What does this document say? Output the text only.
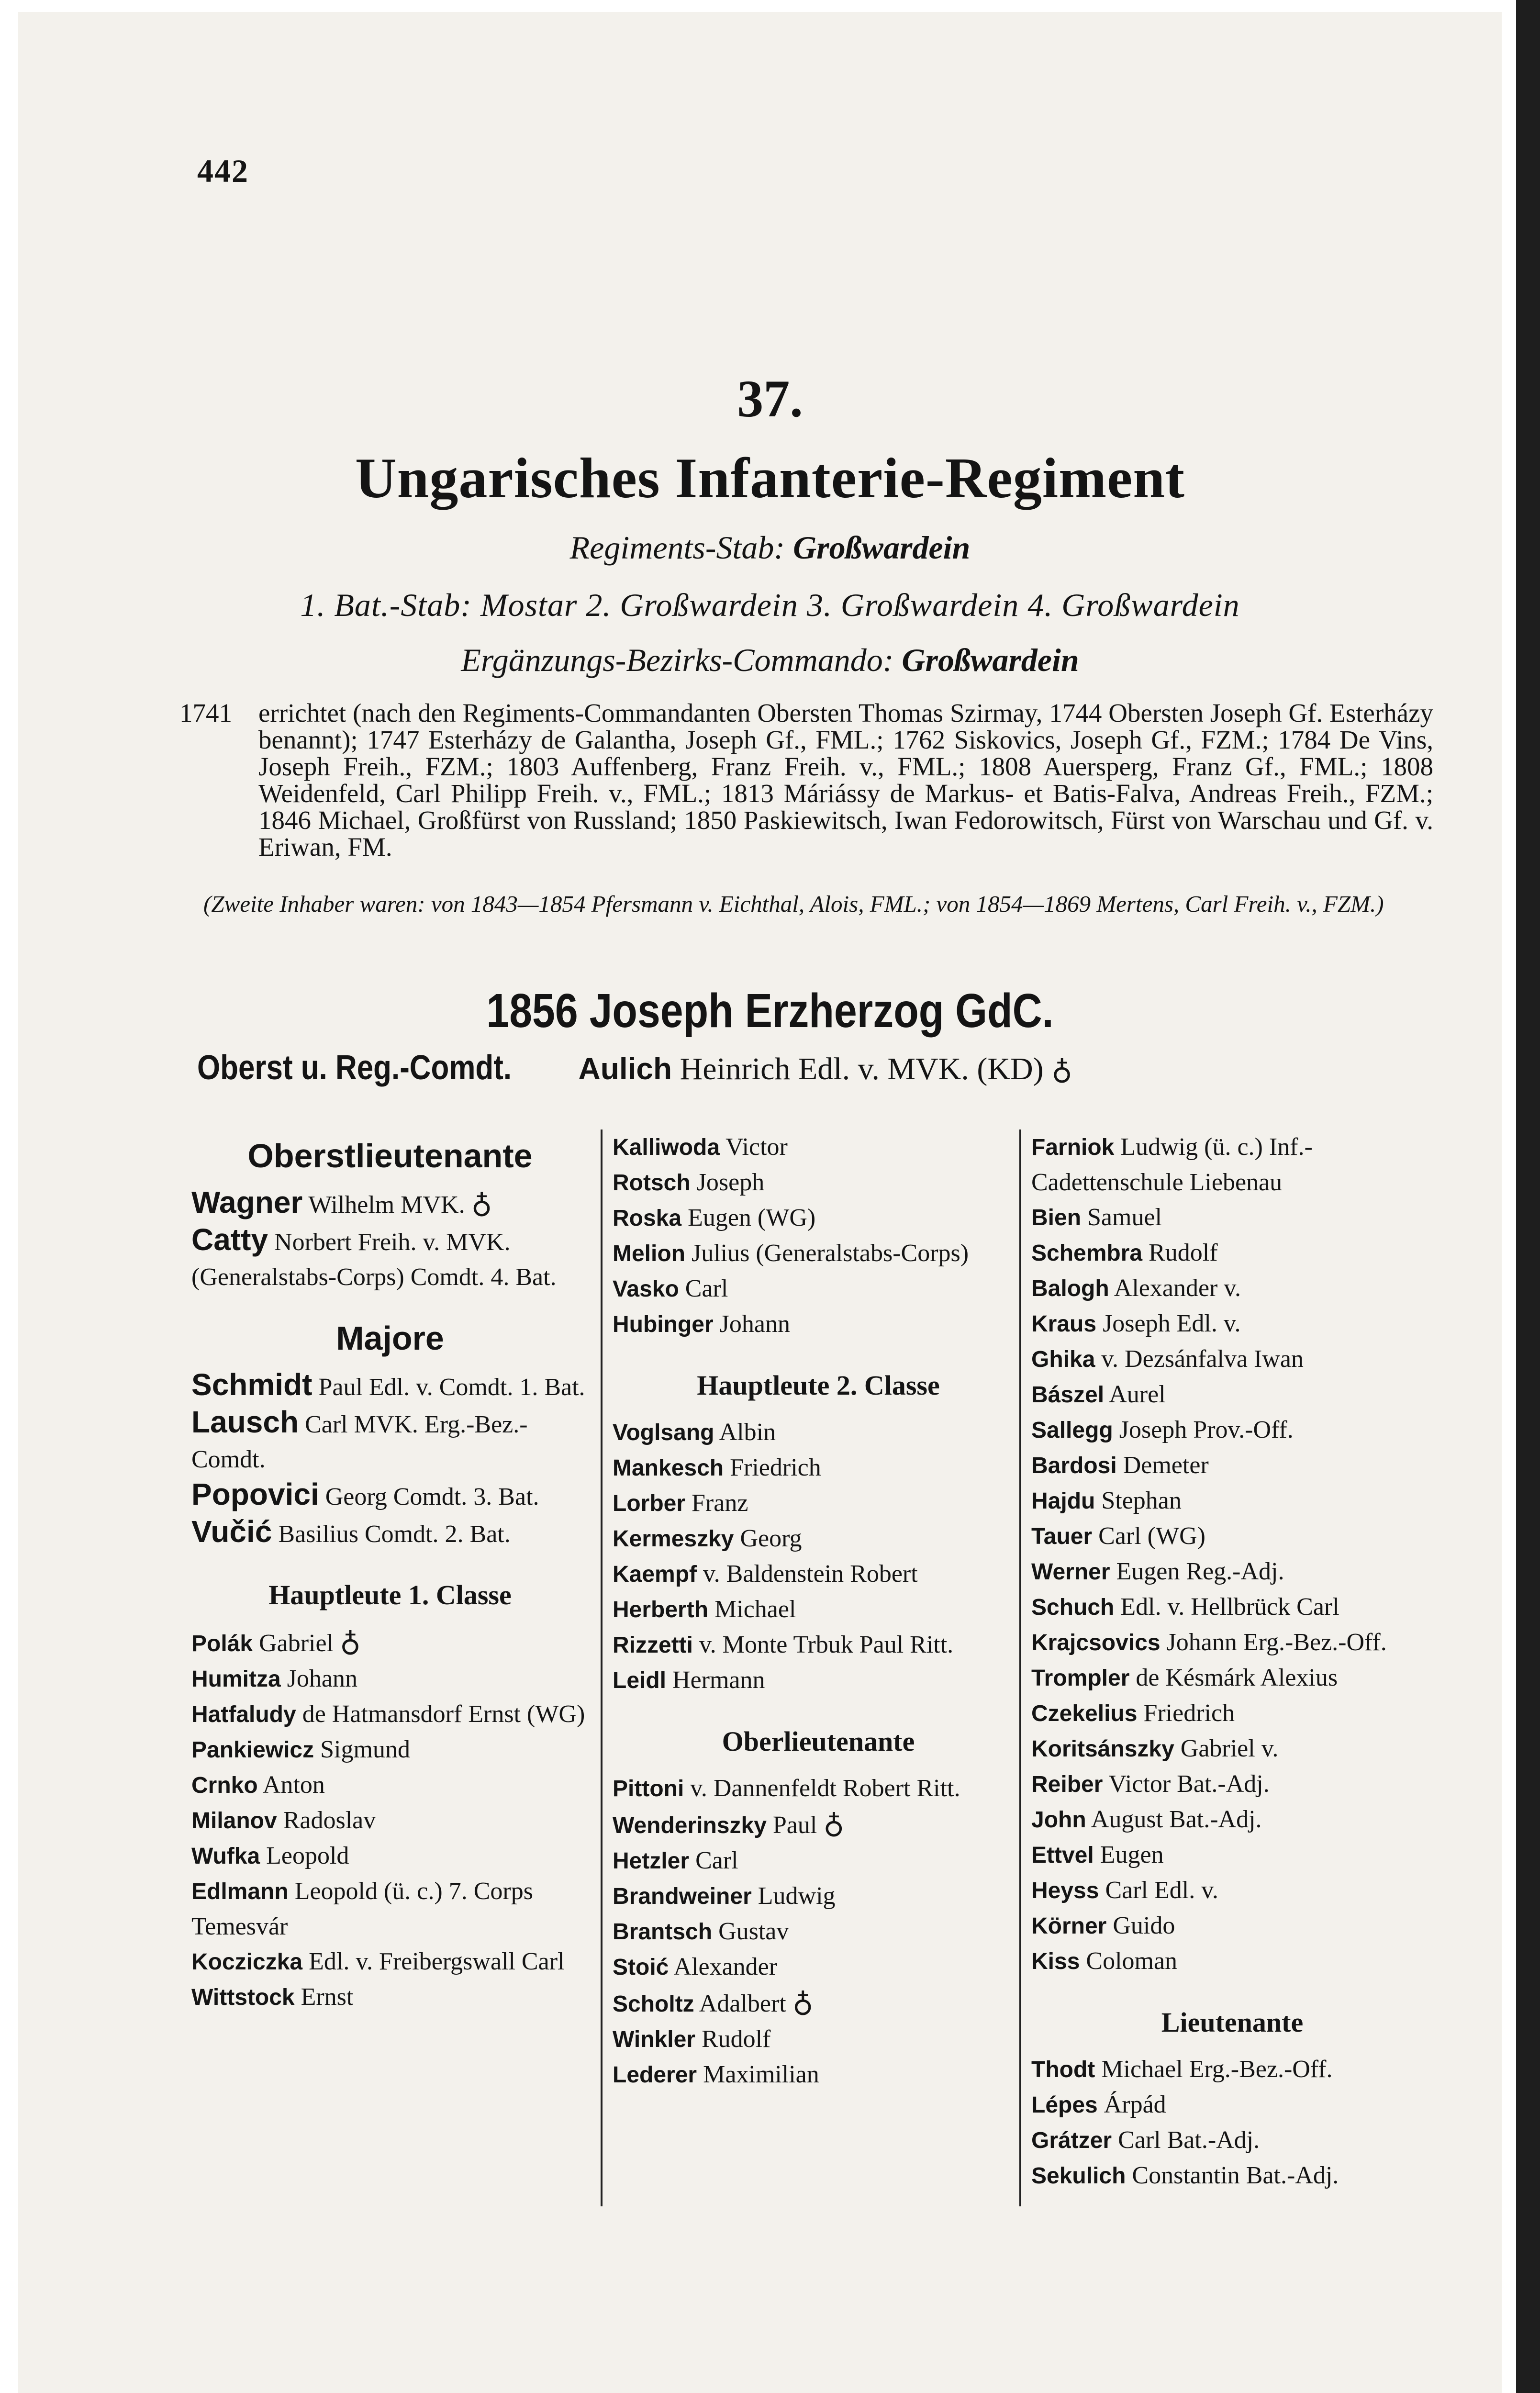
442
37.
Ungarisches Infanterie-Regiment
Regiments-Stab: Großwardein
1. Bat.-Stab: Mostar 2. Großwardein 3. Großwardein 4. Großwardein
Ergänzungs-Bezirks-Commando: Großwardein
1741 errichtet (nach den Regiments-Commandanten Obersten Thomas Szirmay, 1744 Obersten Joseph Gf. Esterházy benannt); 1747 Esterházy de Galantha, Joseph Gf., FML.; 1762 Siskovics, Joseph Gf., FZM.; 1784 De Vins, Joseph Freih., FZM.; 1803 Auffenberg, Franz Freih. v., FML.; 1808 Auersperg, Franz Gf., FML.; 1808 Weidenfeld, Carl Philipp Freih. v., FML.; 1813 Máriássy de Markus- et Batis-Falva, Andreas Freih., FZM.; 1846 Michael, Großfürst von Russland; 1850 Paskiewitsch, Iwan Fedorowitsch, Fürst von Warschau und Gf. v. Eriwan, FM.
(Zweite Inhaber waren: von 1843—1854 Pfersmann v. Eichthal, Alois, FML.; von 1854—1869 Mertens, Carl Freih. v., FZM.)
1856 Joseph Erzherzog GdC.
Oberst u. Reg.-Comdt. Aulich Heinrich Edl. v. MVK. (KD) ♁
Oberstlieutenante
Wagner Wilhelm MVK. ♁
Catty Norbert Freih. v. MVK. (Generalstabs-Corps) Comdt. 4. Bat.
Majore
Schmidt Paul Edl. v. Comdt. 1. Bat.
Lausch Carl MVK. Erg.-Bez.-Comdt.
Popovici Georg Comdt. 3. Bat.
Vučić Basilius Comdt. 2. Bat.
Hauptleute 1. Classe
Polák Gabriel ♁
Humitza Johann
Hatfaludy de Hatmansdorf Ernst (WG)
Pankiewicz Sigmund
Crnko Anton
Milanov Radoslav
Wufka Leopold
Edlmann Leopold (ü. c.) 7. Corps Temesvár
Kocziczka Edl. v. Freibergswall Carl
Wittstock Ernst
Kalliwoda Victor
Rotsch Joseph
Roska Eugen (WG)
Melion Julius (Generalstabs-Corps)
Vasko Carl
Hubinger Johann
Hauptleute 2. Classe
Voglsang Albin
Mankesch Friedrich
Lorber Franz
Kermeszky Georg
Kaempf v. Baldenstein Robert
Herberth Michael
Rizzetti v. Monte Trbuk Paul Ritt.
Leidl Hermann
Oberlieutenante
Pittoni v. Dannenfeldt Robert Ritt.
Wenderinszky Paul ♁
Hetzler Carl
Brandweiner Ludwig
Brantsch Gustav
Stoić Alexander
Scholtz Adalbert ♁
Winkler Rudolf
Lederer Maximilian
Farniok Ludwig (ü. c.) Inf.-Cadettenschule Liebenau
Bien Samuel
Schembra Rudolf
Balogh Alexander v.
Kraus Joseph Edl. v.
Ghika v. Dezsánfalva Iwan
Bászel Aurel
Sallegg Joseph Prov.-Off.
Bardosi Demeter
Hajdu Stephan
Tauer Carl (WG)
Werner Eugen Reg.-Adj.
Schuch Edl. v. Hellbrück Carl
Krajcsovics Johann Erg.-Bez.-Off.
Trompler de Késmárk Alexius
Czekelius Friedrich
Koritsánszky Gabriel v.
Reiber Victor Bat.-Adj.
John August Bat.-Adj.
Ettvel Eugen
Heyss Carl Edl. v.
Körner Guido
Kiss Coloman
Lieutenante
Thodt Michael Erg.-Bez.-Off.
Lépes Árpád
Grátzer Carl Bat.-Adj.
Sekulich Constantin Bat.-Adj.
